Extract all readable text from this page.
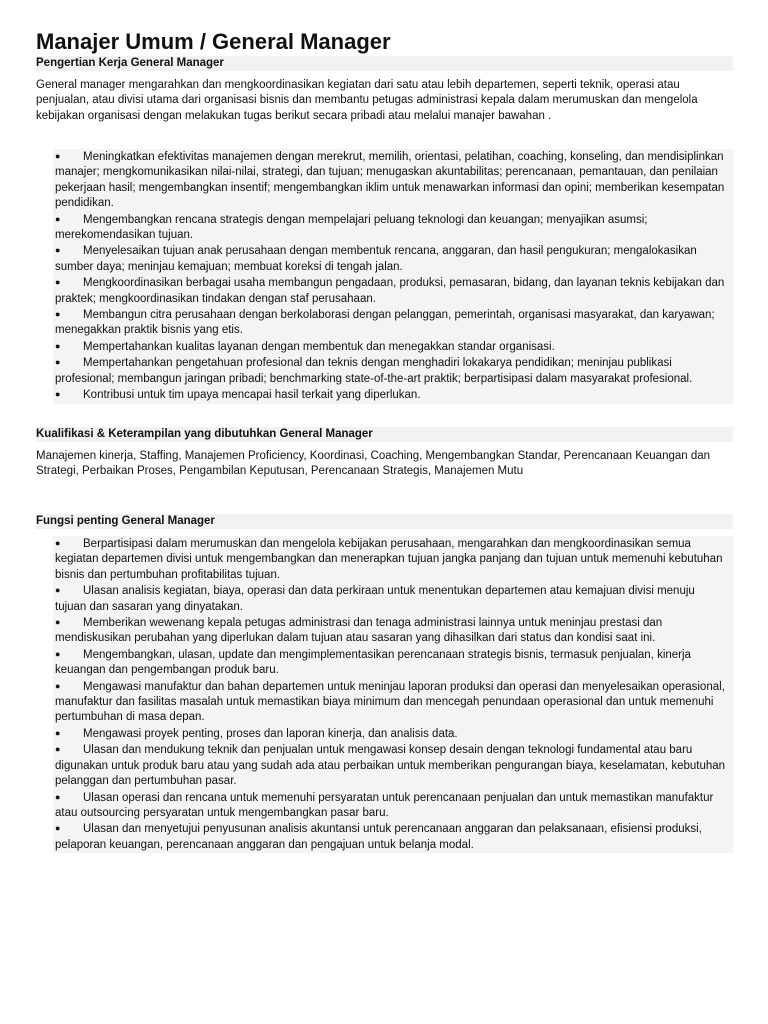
Manajer Umum / General Manager
Pengertian Kerja General Manager

General manager mengarahkan dan mengkoordinasikan kegiatan dari satu atau lebih departemen, seperti teknik, operasi atau penjualan, atau divisi utama dari organisasi bisnis dan membantu petugas administrasi kepala dalam merumuskan dan mengelola kebijakan organisasi dengan melakukan tugas berikut secara pribadi atau melalui manajer bawahan .

● Meningkatkan efektivitas manajemen dengan merekrut, memilih, orientasi, pelatihan, coaching, konseling, dan mendisiplinkan manajer; mengkomunikasikan nilai-nilai, strategi, dan tujuan; menugaskan akuntabilitas; perencanaan, pemantauan, dan penilaian pekerjaan hasil; mengembangkan insentif; mengembangkan iklim untuk menawarkan informasi dan opini; memberikan kesempatan pendidikan.
● Mengembangkan rencana strategis dengan mempelajari peluang teknologi dan keuangan; menyajikan asumsi; merekomendasikan tujuan.
● Menyelesaikan tujuan anak perusahaan dengan membentuk rencana, anggaran, dan hasil pengukuran; mengalokasikan sumber daya; meninjau kemajuan; membuat koreksi di tengah jalan.
● Mengkoordinasikan berbagai usaha membangun pengadaan, produksi, pemasaran, bidang, dan layanan teknis kebijakan dan praktek; mengkoordinasikan tindakan dengan staf perusahaan.
● Membangun citra perusahaan dengan berkolaborasi dengan pelanggan, pemerintah, organisasi masyarakat, dan karyawan; menegakkan praktik bisnis yang etis.
● Mempertahankan kualitas layanan dengan membentuk dan menegakkan standar organisasi.
● Mempertahankan pengetahuan profesional dan teknis dengan menghadiri lokakarya pendidikan; meninjau publikasi profesional; membangun jaringan pribadi; benchmarking state-of-the-art praktik; berpartisipasi dalam masyarakat profesional.
● Kontribusi untuk tim upaya mencapai hasil terkait yang diperlukan.
Kualifikasi & Keterampilan yang dibutuhkan General Manager

Manajemen kinerja, Staffing, Manajemen Proficiency, Koordinasi, Coaching, Mengembangkan Standar, Perencanaan Keuangan dan Strategi, Perbaikan Proses, Pengambilan Keputusan, Perencanaan Strategis, Manajemen Mutu

Fungsi penting General Manager
● Berpartisipasi dalam merumuskan dan mengelola kebijakan perusahaan, mengarahkan dan mengkoordinasikan semua kegiatan departemen divisi untuk mengembangkan dan menerapkan tujuan jangka panjang dan tujuan untuk memenuhi kebutuhan bisnis dan pertumbuhan profitabilitas tujuan.
● Ulasan analisis kegiatan, biaya, operasi dan data perkiraan untuk menentukan departemen atau kemajuan divisi menuju tujuan dan sasaran yang dinyatakan.
● Memberikan wewenang kepala petugas administrasi dan tenaga administrasi lainnya untuk meninjau prestasi dan mendiskusikan perubahan yang diperlukan dalam tujuan atau sasaran yang dihasilkan dari status dan kondisi saat ini.
● Mengembangkan, ulasan, update dan mengimplementasikan perencanaan strategis bisnis, termasuk penjualan, kinerja keuangan dan pengembangan produk baru.
● Mengawasi manufaktur dan bahan departemen untuk meninjau laporan produksi dan operasi dan menyelesaikan operasional, manufaktur dan fasilitas masalah untuk memastikan biaya minimum dan mencegah penundaan operasional dan untuk memenuhi pertumbuhan di masa depan.
● Mengawasi proyek penting, proses dan laporan kinerja, dan analisis data.
● Ulasan dan mendukung teknik dan penjualan untuk mengawasi konsep desain dengan teknologi fundamental atau baru digunakan untuk produk baru atau yang sudah ada atau perbaikan untuk memberikan pengurangan biaya, keselamatan, kebutuhan pelanggan dan pertumbuhan pasar.
● Ulasan operasi dan rencana untuk memenuhi persyaratan untuk perencanaan penjualan dan untuk memastikan manufaktur atau outsourcing persyaratan untuk mengembangkan pasar baru.
● Ulasan dan menyetujui penyusunan analisis akuntansi untuk perencanaan anggaran dan pelaksanaan, efisiensi produksi, pelaporan keuangan, perencanaan anggaran dan pengajuan untuk belanja modal.
